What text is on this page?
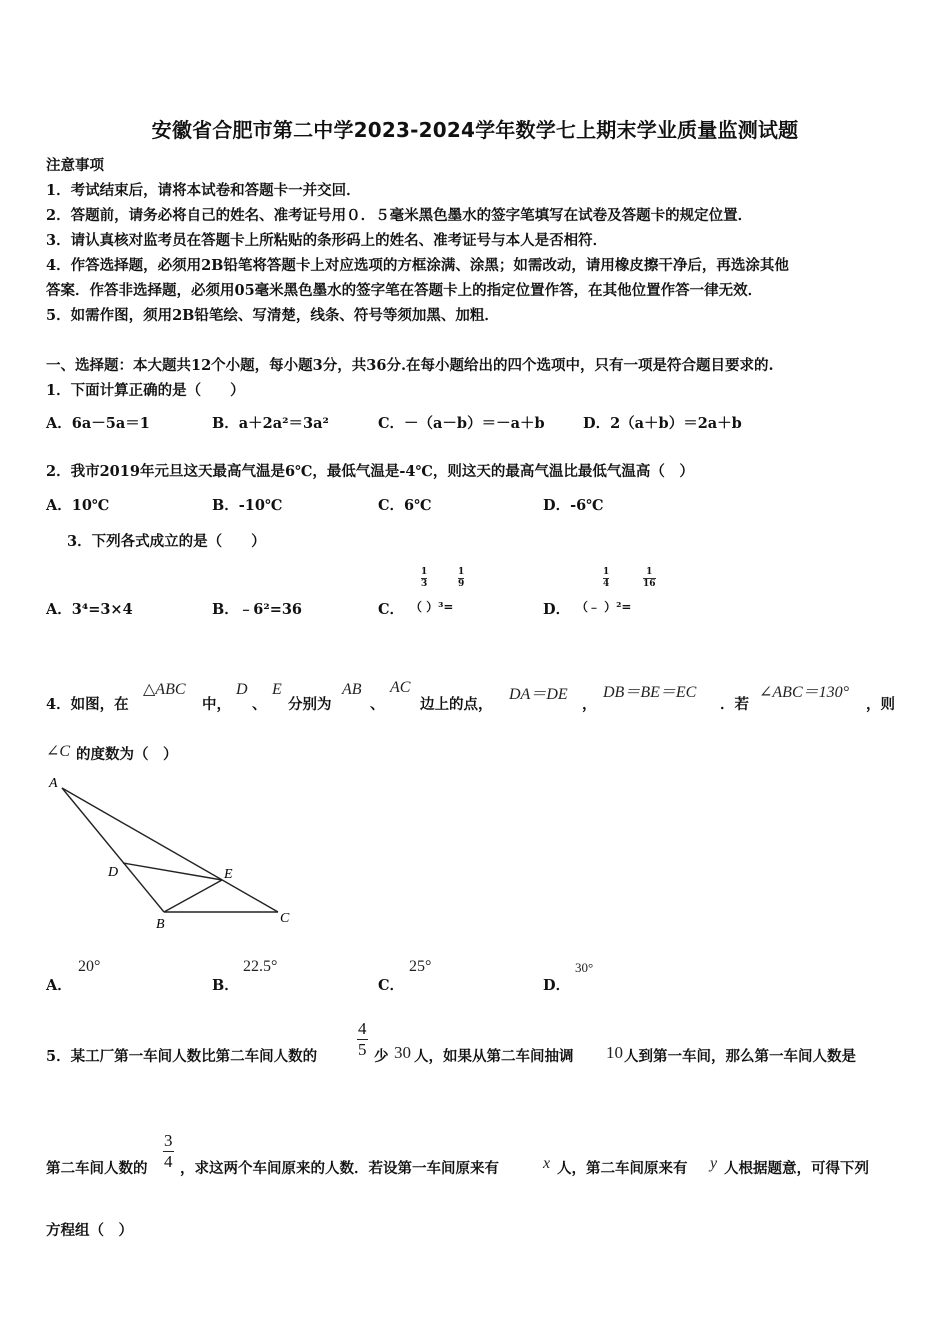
安徽省合肥市第二中学2023-2024学年数学七上期末学业质量监测试题
注意事项
1．考试结束后，请将本试卷和答题卡一并交回．
2．答题前，请务必将自己的姓名、准考证号用０．５毫米黑色墨水的签字笔填写在试卷及答题卡的规定位置．
3．请认真核对监考员在答题卡上所粘贴的条形码上的姓名、准考证号与本人是否相符．
4．作答选择题，必须用2B铅笔将答题卡上对应选项的方框涂满、涂黑；如需改动，请用橡皮擦干净后，再选涂其他
答案．作答非选择题，必须用05毫米黑色墨水的签字笔在答题卡上的指定位置作答，在其他位置作答一律无效．
5．如需作图，须用2B铅笔绘、写清楚，线条、符号等须加黑、加粗．
一、选择题：本大题共12个小题，每小题3分，共36分.在每小题给出的四个选项中，只有一项是符合题目要求的.
1．下面计算正确的是（　　）
A．6a－5a＝1	B．a＋2a²＝3a²	C．－（a－b）＝－a＋b	D．2（a＋b）＝2a＋b
2．我市2019年元旦这天最高气温是6℃，最低气温是-4℃，则这天的最高气温比最低气温高（　）
A．10℃	B．-10℃	C．6℃	D．-6℃
3．下列各式成立的是（　　）
A．3⁴=3×4	B．﹣6²=36	C． （ ）³=
$\frac{1}{3}$	$\frac{1}{9}$
D． （﹣ ）²=
$\frac{1}{4}$	$\frac{1}{16}$
4．如图，在
△ABC
中，
D
、
E
分别为
AB
、
AC
边上的点，
DA＝DE
，
DB＝BE＝EC
．若
∠ABC＝130°
，则
∠C 的度数为（　）
A
D	E
B	C
A．
20°
B．
22.5°
C．
25°
D．
30°
5．某工厂第一车间人数比第二车间人数的 $\frac{4}{5}$ 少 30 人，如果从第二车间抽调 10 人到第一车间，那么第一车间人数是
第二车间人数的 $\frac{3}{4}$ ，求这两个车间原来的人数．若设第一车间原来有	x 人，第二车间原来有 y 人根据题意，可得下列
方程组（　）
